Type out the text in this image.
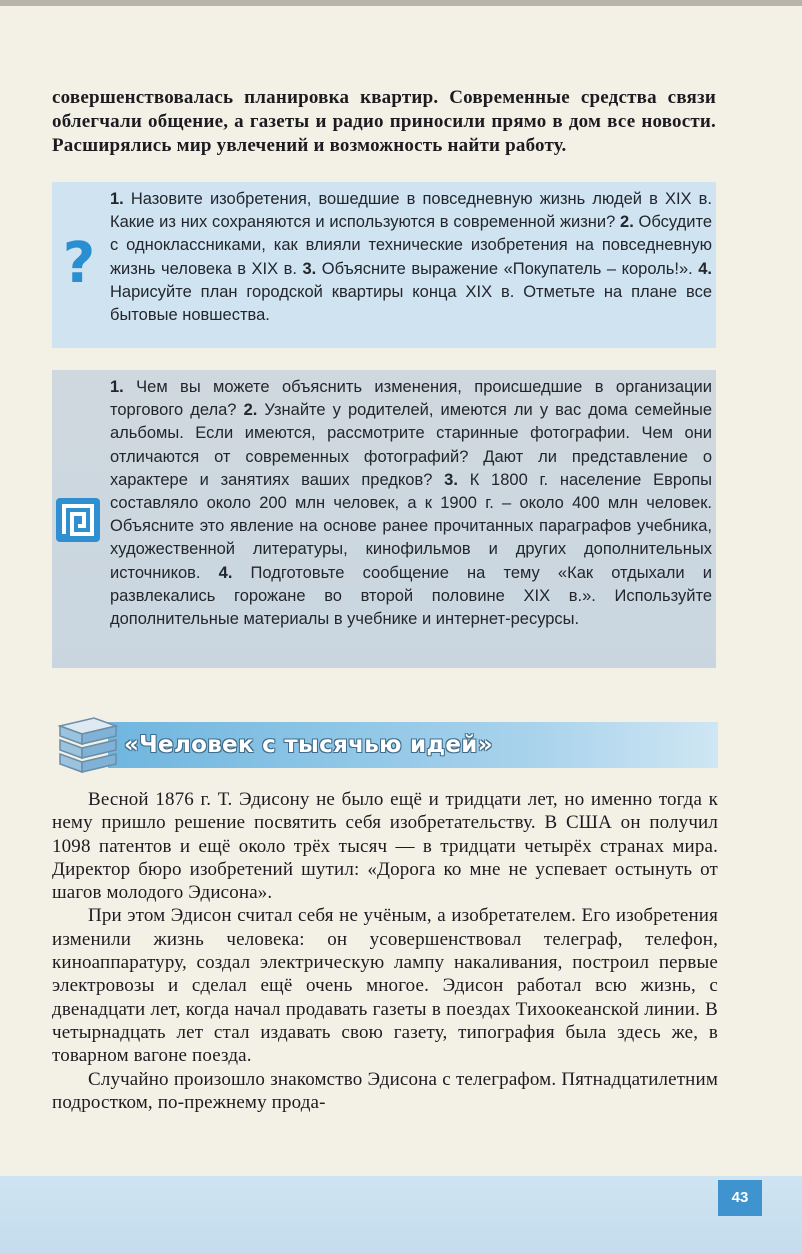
совершенствовалась планировка квартир. Современные средства связи облегчали общение, а газеты и радио приносили прямо в дом все новости. Расширялись мир увлечений и возможность найти работу.
?
1. Назовите изобретения, вошедшие в повседневную жизнь людей в XIX в. Какие из них сохраняются и используются в современной жизни? 2. Обсудите с одноклассниками, как влияли технические изобретения на повседневную жизнь человека в XIX в. 3. Объясните выражение «Покупатель – король!». 4. Нарисуйте план городской квартиры конца XIX в. Отметьте на плане все бытовые новшества.
1. Чем вы можете объяснить изменения, происшедшие в организации торгового дела? 2. Узнайте у родителей, имеются ли у вас дома семейные альбомы. Если имеются, рассмотрите старинные фотографии. Чем они отличаются от современных фотографий? Дают ли представление о характере и занятиях ваших предков? 3. К 1800 г. население Европы составляло около 200 млн человек, а к 1900 г. – около 400 млн человек. Объясните это явление на основе ранее прочитанных параграфов учебника, художественной литературы, кинофильмов и других дополнительных источников. 4. Подготовьте сообщение на тему «Как отдыхали и развлекались горожане во второй половине XIX в.». Используйте дополнительные материалы в учебнике и интернет-ресурсы.
«Человек с тысячью идей»

Весной 1876 г. Т. Эдисону не было ещё и тридцати лет, но именно тогда к нему пришло решение посвятить себя изобретательству. В США он получил 1098 патентов и ещё около трёх тысяч — в тридцати четырёх странах мира. Директор бюро изобретений шутил: «Дорога ко мне не успевает остынуть от шагов молодого Эдисона».

При этом Эдисон считал себя не учёным, а изобретателем. Его изобретения изменили жизнь человека: он усовершенствовал телеграф, телефон, киноаппаратуру, создал электрическую лампу накаливания, построил первые электровозы и сделал ещё очень многое. Эдисон работал всю жизнь, с двенадцати лет, когда начал продавать газеты в поездах Тихоокеанской линии. В четырнадцать лет стал издавать свою газету, типография была здесь же, в товарном вагоне поезда.

Случайно произошло знакомство Эдисона с телеграфом. Пятнадцатилетним подростком, по-прежнему прода-

43
